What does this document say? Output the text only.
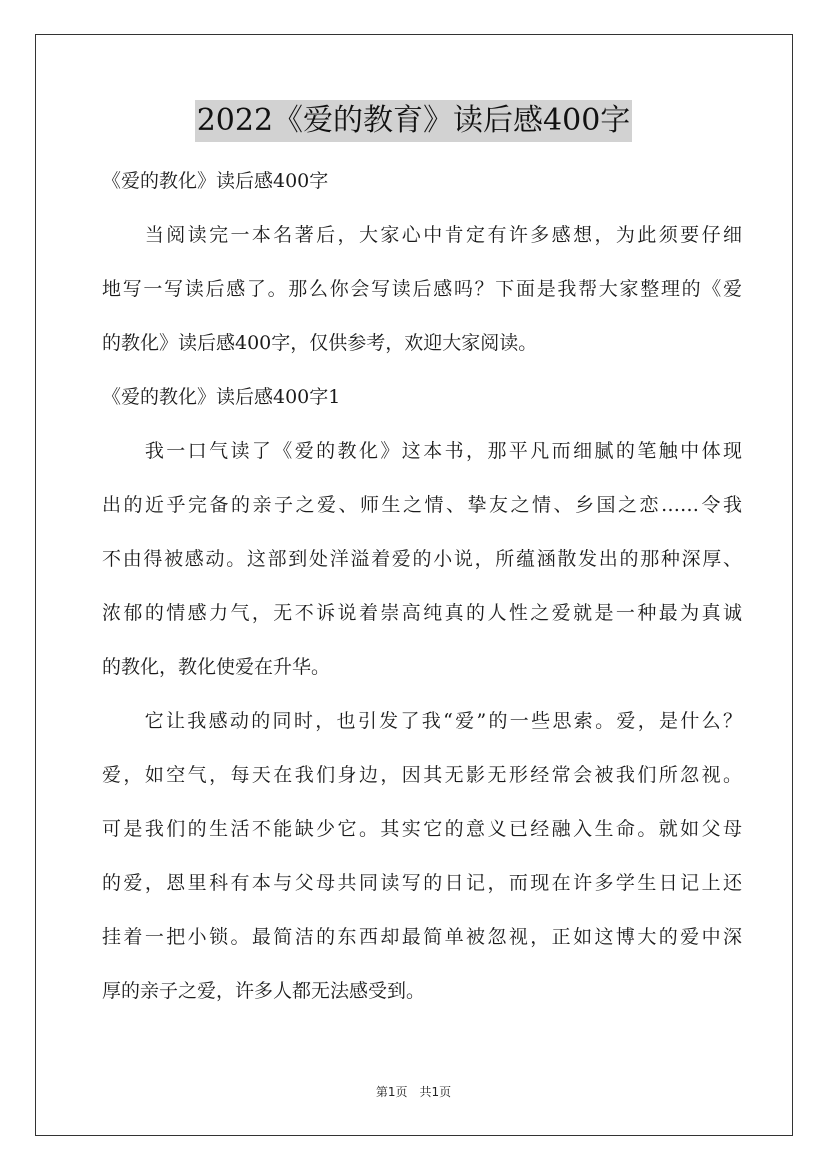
2022《爱的教育》读后感400字
《爱的教化》读后感400字
　　当阅读完一本名著后，大家心中肯定有许多感想，为此须要仔细
地写一写读后感了。那么你会写读后感吗？下面是我帮大家整理的《爱
的教化》读后感400字，仅供参考，欢迎大家阅读。
《爱的教化》读后感400字1
　　我一口气读了《爱的教化》这本书，那平凡而细腻的笔触中体现
出的近乎完备的亲子之爱、师生之情、挚友之情、乡国之恋……令我
不由得被感动。这部到处洋溢着爱的小说，所蕴涵散发出的那种深厚、
浓郁的情感力气，无不诉说着崇高纯真的人性之爱就是一种最为真诚
的教化，教化使爱在升华。
　　它让我感动的同时，也引发了我“爱”的一些思索。爱，是什么？
爱，如空气，每天在我们身边，因其无影无形经常会被我们所忽视。
可是我们的生活不能缺少它。其实它的意义已经融入生命。就如父母
的爱，恩里科有本与父母共同读写的日记，而现在许多学生日记上还
挂着一把小锁。最简洁的东西却最简单被忽视，正如这博大的爱中深
厚的亲子之爱，许多人都无法感受到。
第1页　共1页
